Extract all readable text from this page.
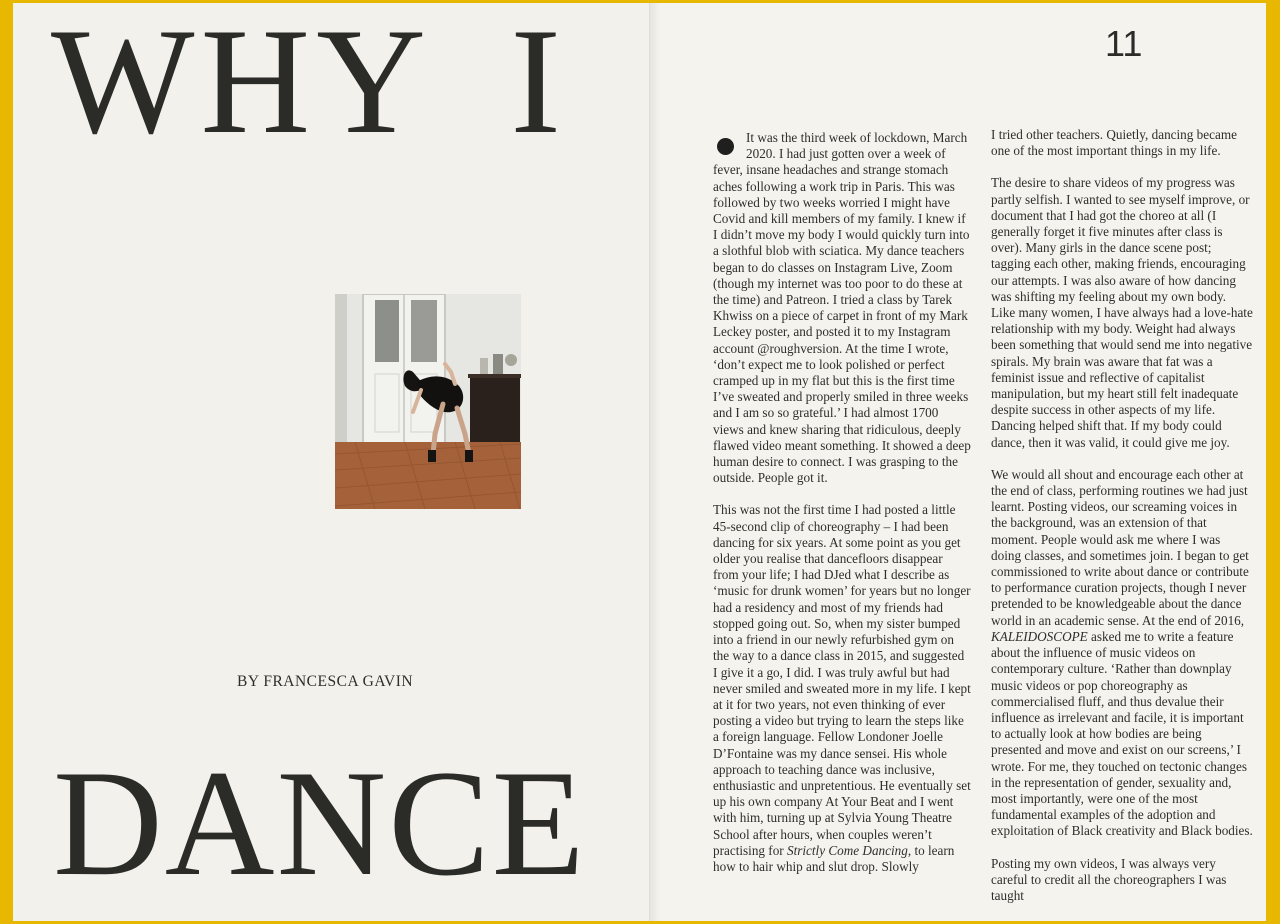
WHY I
BY FRANCESCA GAVIN
DANCE
11

It was the third week of lockdown, March 2020. I had just gotten over a week of fever, insane headaches and strange stomach aches following a work trip in Paris. This was followed by two weeks worried I might have Covid and kill members of my family. I knew if I didn’t move my body I would quickly turn into a slothful blob with sciatica. My dance teachers began to do classes on Instagram Live, Zoom (though my internet was too poor to do these at the time) and Patreon. I tried a class by Tarek Khwiss on a piece of carpet in front of my Mark Leckey poster, and posted it to my Instagram account @roughversion. At the time I wrote, ‘don’t expect me to look polished or perfect cramped up in my flat but this is the first time I’ve sweated and properly smiled in three weeks and I am so so grateful.’ I had almost 1700 views and knew sharing that ridiculous, deeply flawed video meant something. It showed a deep human desire to connect. I was grasping to the outside. People got it.

This was not the first time I had posted a little 45-second clip of choreography – I had been dancing for six years. At some point as you get older you realise that dancefloors disappear from your life; I had DJed what I describe as ‘music for drunk women’ for years but no longer had a residency and most of my friends had stopped going out. So, when my sister bumped into a friend in our newly refurbished gym on the way to a dance class in 2015, and suggested I give it a go, I did. I was truly awful but had never smiled and sweated more in my life. I kept at it for two years, not even thinking of ever posting a video but trying to learn the steps like a foreign language. Fellow Londoner Joelle D’Fontaine was my dance sensei. His whole approach to teaching dance was inclusive, enthusiastic and unpretentious. He eventually set up his own company At Your Beat and I went with him, turning up at Sylvia Young Theatre School after hours, when couples weren’t practising for Strictly Come Dancing, to learn how to hair whip and slut drop. Slowly

I tried other teachers. Quietly, dancing became one of the most important things in my life.

The desire to share videos of my progress was partly selfish. I wanted to see myself improve, or document that I had got the choreo at all (I generally forget it five minutes after class is over). Many girls in the dance scene post; tagging each other, making friends, encouraging our attempts. I was also aware of how dancing was shifting my feeling about my own body. Like many women, I have always had a love-hate relationship with my body. Weight had always been something that would send me into negative spirals. My brain was aware that fat was a feminist issue and reflective of capitalist manipulation, but my heart still felt inadequate despite success in other aspects of my life. Dancing helped shift that. If my body could dance, then it was valid, it could give me joy.

We would all shout and encourage each other at the end of class, performing routines we had just learnt. Posting videos, our screaming voices in the background, was an extension of that moment. People would ask me where I was doing classes, and sometimes join. I began to get commissioned to write about dance or contribute to performance curation projects, though I never pretended to be knowledgeable about the dance world in an academic sense. At the end of 2016, KALEIDOSCOPE asked me to write a feature about the influence of music videos on contemporary culture. ‘Rather than downplay music videos or pop choreography as commercialised fluff, and thus devalue their influence as irrelevant and facile, it is important to actually look at how bodies are being presented and move and exist on our screens,’ I wrote. For me, they touched on tectonic changes in the representation of gender, sexuality and, most importantly, were one of the most fundamental examples of the adoption and exploitation of Black creativity and Black bodies.

Posting my own videos, I was always very careful to credit all the choreographers I was taught
